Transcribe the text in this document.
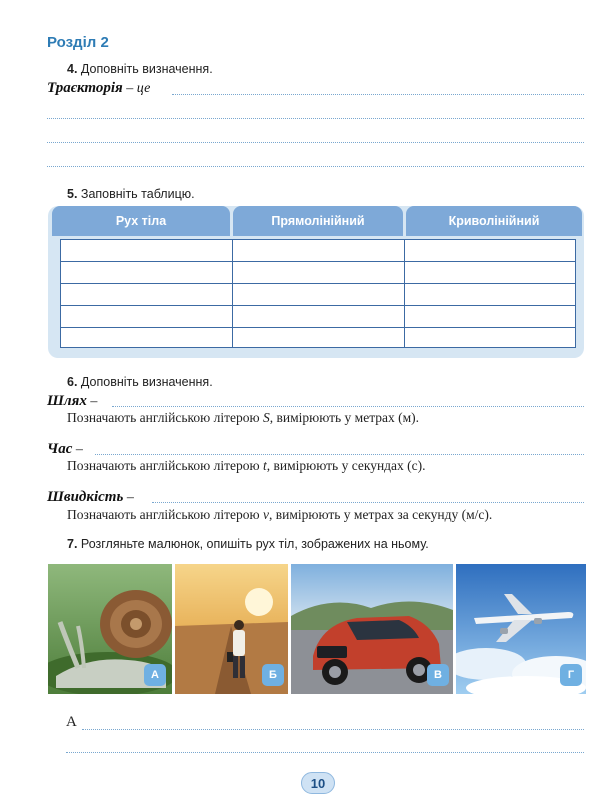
Розділ 2
4. Доповніть визначення.
Траєкторія – це
5. Заповніть таблицю.
Рух тіла	Прямолінійний	Криволінійний
6. Доповніть визначення.
Шлях –
Позначають англійською літерою S, вимірюють у метрах (м).
Час –
Позначають англійською літерою t, вимірюють у секундах (с).
Швидкість –
Позначають англійською літерою v, вимірюють у метрах за секунду (м/с).
7. Розгляньте малюнок, опишіть рух тіл, зображених на ньому.
А	Б	В	Г
А
10
